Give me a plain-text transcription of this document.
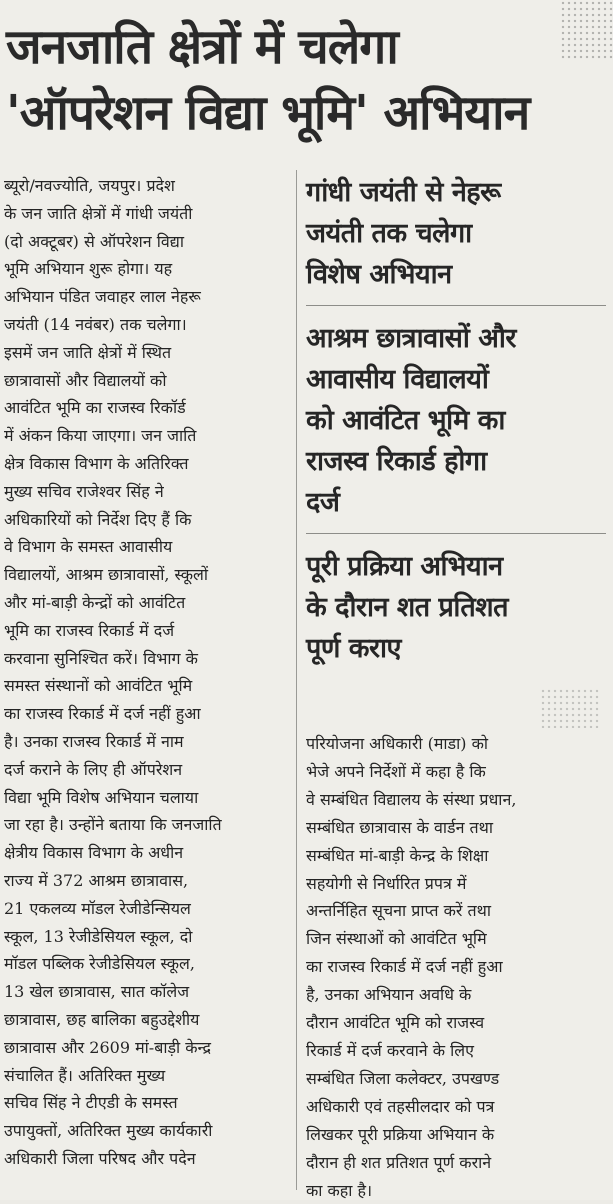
जनजाति क्षेत्रों में चलेगा
'ऑपरेशन विद्या भूमि' अभियान
ब्यूरो/नवज्योति, जयपुर। प्रदेश
के जन जाति क्षेत्रों में गांधी जयंती
(दो अक्टूबर) से ऑपरेशन विद्या
भूमि अभियान शुरू होगा। यह
अभियान पंडित जवाहर लाल नेहरू
जयंती (14 नवंबर) तक चलेगा।
इसमें जन जाति क्षेत्रों में स्थित
छात्रावासों और विद्यालयों को
आवंटित भूमि का राजस्व रिकॉर्ड
में अंकन किया जाएगा। जन जाति
क्षेत्र विकास विभाग के अतिरिक्त
मुख्य सचिव राजेश्वर सिंह ने
अधिकारियों को निर्देश दिए हैं कि
वे विभाग के समस्त आवासीय
विद्यालयों, आश्रम छात्रावासों, स्कूलों
और मां-बाड़ी केन्द्रों को आवंटित
भूमि का राजस्व रिकार्ड में दर्ज
करवाना सुनिश्चित करें। विभाग के
समस्त संस्थानों को आवंटित भूमि
का राजस्व रिकार्ड में दर्ज नहीं हुआ
है। उनका राजस्व रिकार्ड में नाम
दर्ज कराने के लिए ही ऑपरेशन
विद्या भूमि विशेष अभियान चलाया
जा रहा है। उन्होंने बताया कि जनजाति
क्षेत्रीय विकास विभाग के अधीन
राज्य में 372 आश्रम छात्रावास,
21 एकलव्य मॉडल रेजीडेन्सियल
स्कूल, 13 रेजीडेसियल स्कूल, दो
मॉडल पब्लिक रेजीडेसियल स्कूल,
13 खेल छात्रावास, सात कॉलेज
छात्रावास, छह बालिका बहुउद्देशीय
छात्रावास और 2609 मां-बाड़ी केन्द्र
संचालित हैं। अतिरिक्त मुख्य
सचिव सिंह ने टीएडी के समस्त
उपायुक्तों, अतिरिक्त मुख्य कार्यकारी
अधिकारी जिला परिषद और पदेन
गांधी जयंती से नेहरू
जयंती तक चलेगा
विशेष अभियान
आश्रम छात्रावासों और
आवासीय विद्यालयों
को आवंटित भूमि का
राजस्व रिकार्ड होगा
दर्ज
पूरी प्रक्रिया अभियान
के दौरान शत प्रतिशत
पूर्ण कराए
परियोजना अधिकारी (माडा) को
भेजे अपने निर्देशों में कहा है कि
वे सम्बंधित विद्यालय के संस्था प्रधान,
सम्बंधित छात्रावास के वार्डन तथा
सम्बंधित मां-बाड़ी केन्द्र के शिक्षा
सहयोगी से निर्धारित प्रपत्र में
अन्तर्निहित सूचना प्राप्त करें तथा
जिन संस्थाओं को आवंटित भूमि
का राजस्व रिकार्ड में दर्ज नहीं हुआ
है, उनका अभियान अवधि के
दौरान आवंटित भूमि को राजस्व
रिकार्ड में दर्ज करवाने के लिए
सम्बंधित जिला कलेक्टर, उपखण्ड
अधिकारी एवं तहसीलदार को पत्र
लिखकर पूरी प्रक्रिया अभियान के
दौरान ही शत प्रतिशत पूर्ण कराने
का कहा है।
